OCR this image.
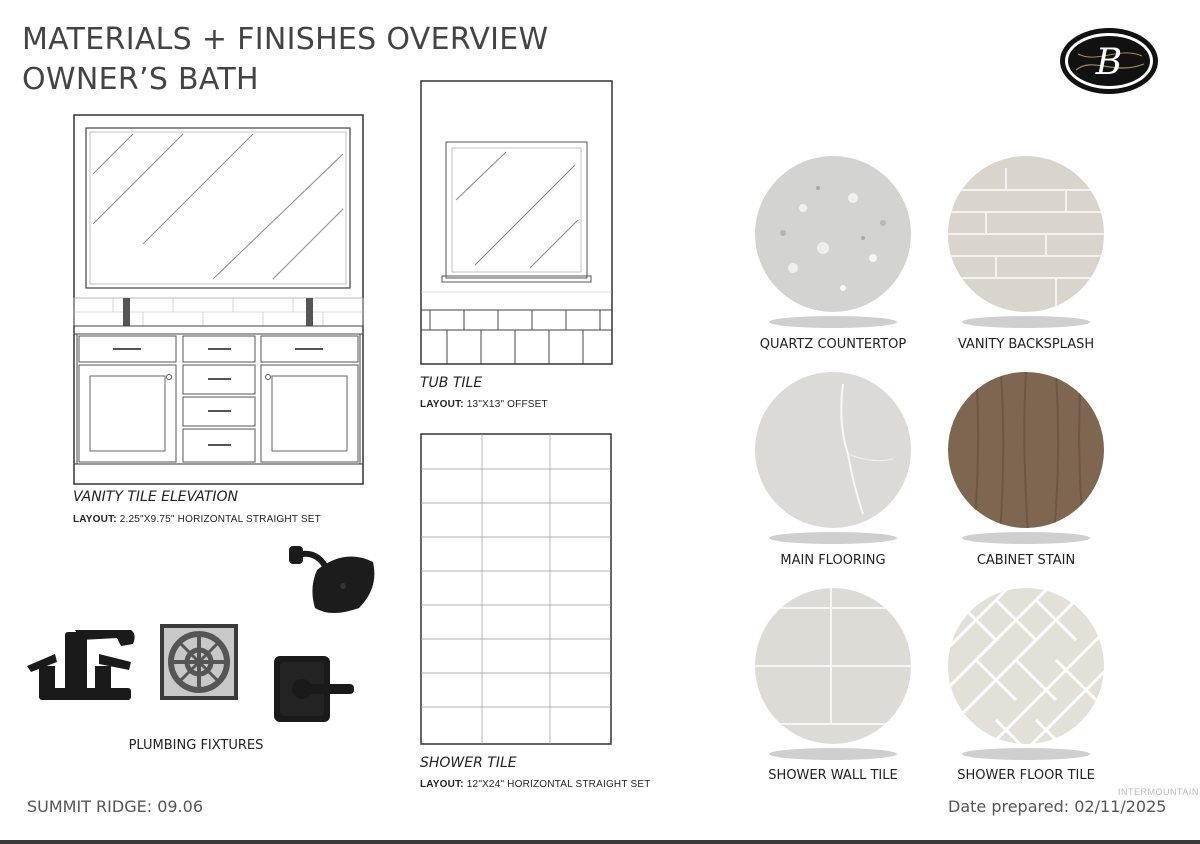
MATERIALS + FINISHES OVERVIEW
OWNER’S BATH	B
VANITY TILE ELEVATION
LAYOUT: 2.25"X9.75" HORIZONTAL STRAIGHT SET
TUB TILE
LAYOUT: 13"X13" OFFSET
SHOWER TILE
LAYOUT: 12"X24" HORIZONTAL STRAIGHT SET
PLUMBING FIXTURES
QUARTZ COUNTERTOP	VANITY BACKSPLASH
MAIN FLOORING	CABINET STAIN
SHOWER WALL TILE	SHOWER FLOOR TILE
SUMMIT RIDGE: 09.06	Date prepared: 02/11/2025
INTERMOUNTAIN
